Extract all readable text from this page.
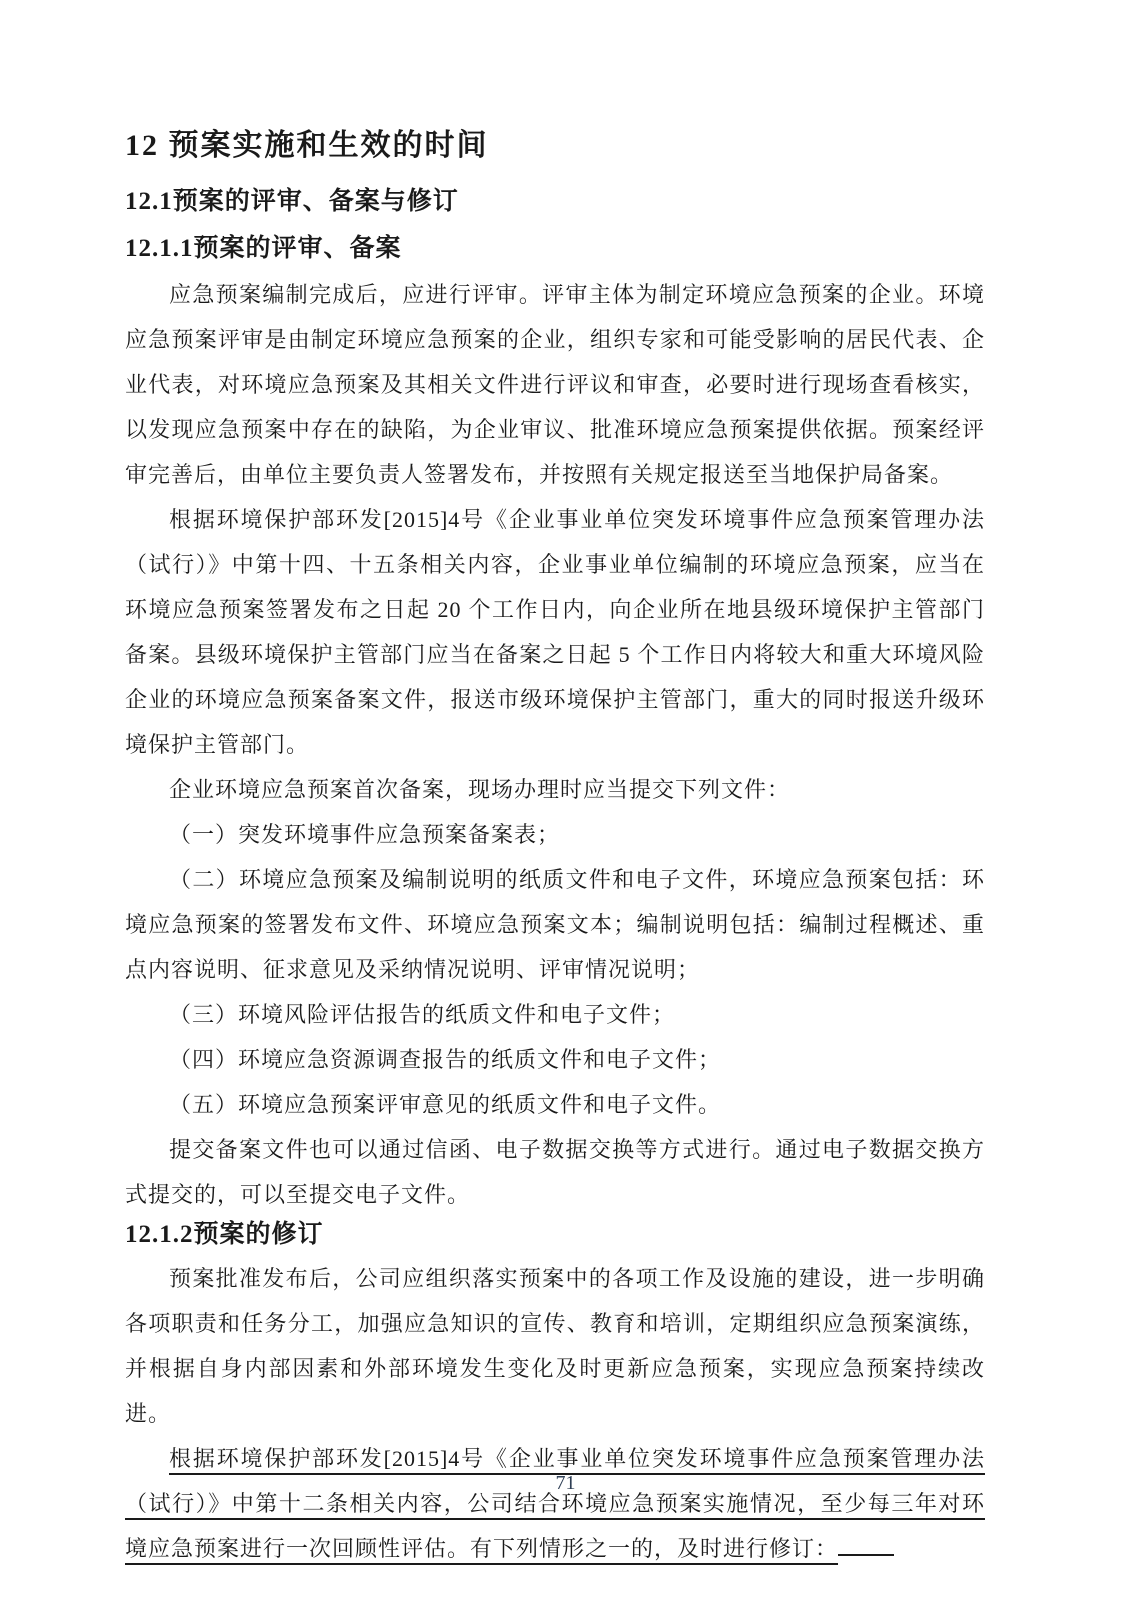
12 预案实施和生效的时间
12.1预案的评审、备案与修订
12.1.1预案的评审、备案

应急预案编制完成后，应进行评审。评审主体为制定环境应急预案的企业。环境应急预案评审是由制定环境应急预案的企业，组织专家和可能受影响的居民代表、企业代表，对环境应急预案及其相关文件进行评议和审查，必要时进行现场查看核实，以发现应急预案中存在的缺陷，为企业审议、批准环境应急预案提供依据。预案经评审完善后，由单位主要负责人签署发布，并按照有关规定报送至当地保护局备案。

根据环境保护部环发[2015]4号《企业事业单位突发环境事件应急预案管理办法（试行）》中第十四、十五条相关内容，企业事业单位编制的环境应急预案，应当在环境应急预案签署发布之日起 20 个工作日内，向企业所在地县级环境保护主管部门备案。县级环境保护主管部门应当在备案之日起 5 个工作日内将较大和重大环境风险企业的环境应急预案备案文件，报送市级环境保护主管部门，重大的同时报送升级环境保护主管部门。

企业环境应急预案首次备案，现场办理时应当提交下列文件：

（一）突发环境事件应急预案备案表；

（二）环境应急预案及编制说明的纸质文件和电子文件，环境应急预案包括：环境应急预案的签署发布文件、环境应急预案文本；编制说明包括：编制过程概述、重点内容说明、征求意见及采纳情况说明、评审情况说明；

（三）环境风险评估报告的纸质文件和电子文件；

（四）环境应急资源调查报告的纸质文件和电子文件；

（五）环境应急预案评审意见的纸质文件和电子文件。

提交备案文件也可以通过信函、电子数据交换等方式进行。通过电子数据交换方式提交的，可以至提交电子文件。

12.1.2预案的修订

预案批准发布后，公司应组织落实预案中的各项工作及设施的建设，进一步明确各项职责和任务分工，加强应急知识的宣传、教育和培训，定期组织应急预案演练，并根据自身内部因素和外部环境发生变化及时更新应急预案，实现应急预案持续改进。

根据环境保护部环发[2015]4号《企业事业单位突发环境事件应急预案管理办法（试行）》中第十二条相关内容，公司结合环境应急预案实施情况，至少每三年对环境应急预案进行一次回顾性评估。有下列情形之一的，及时进行修订：

71
